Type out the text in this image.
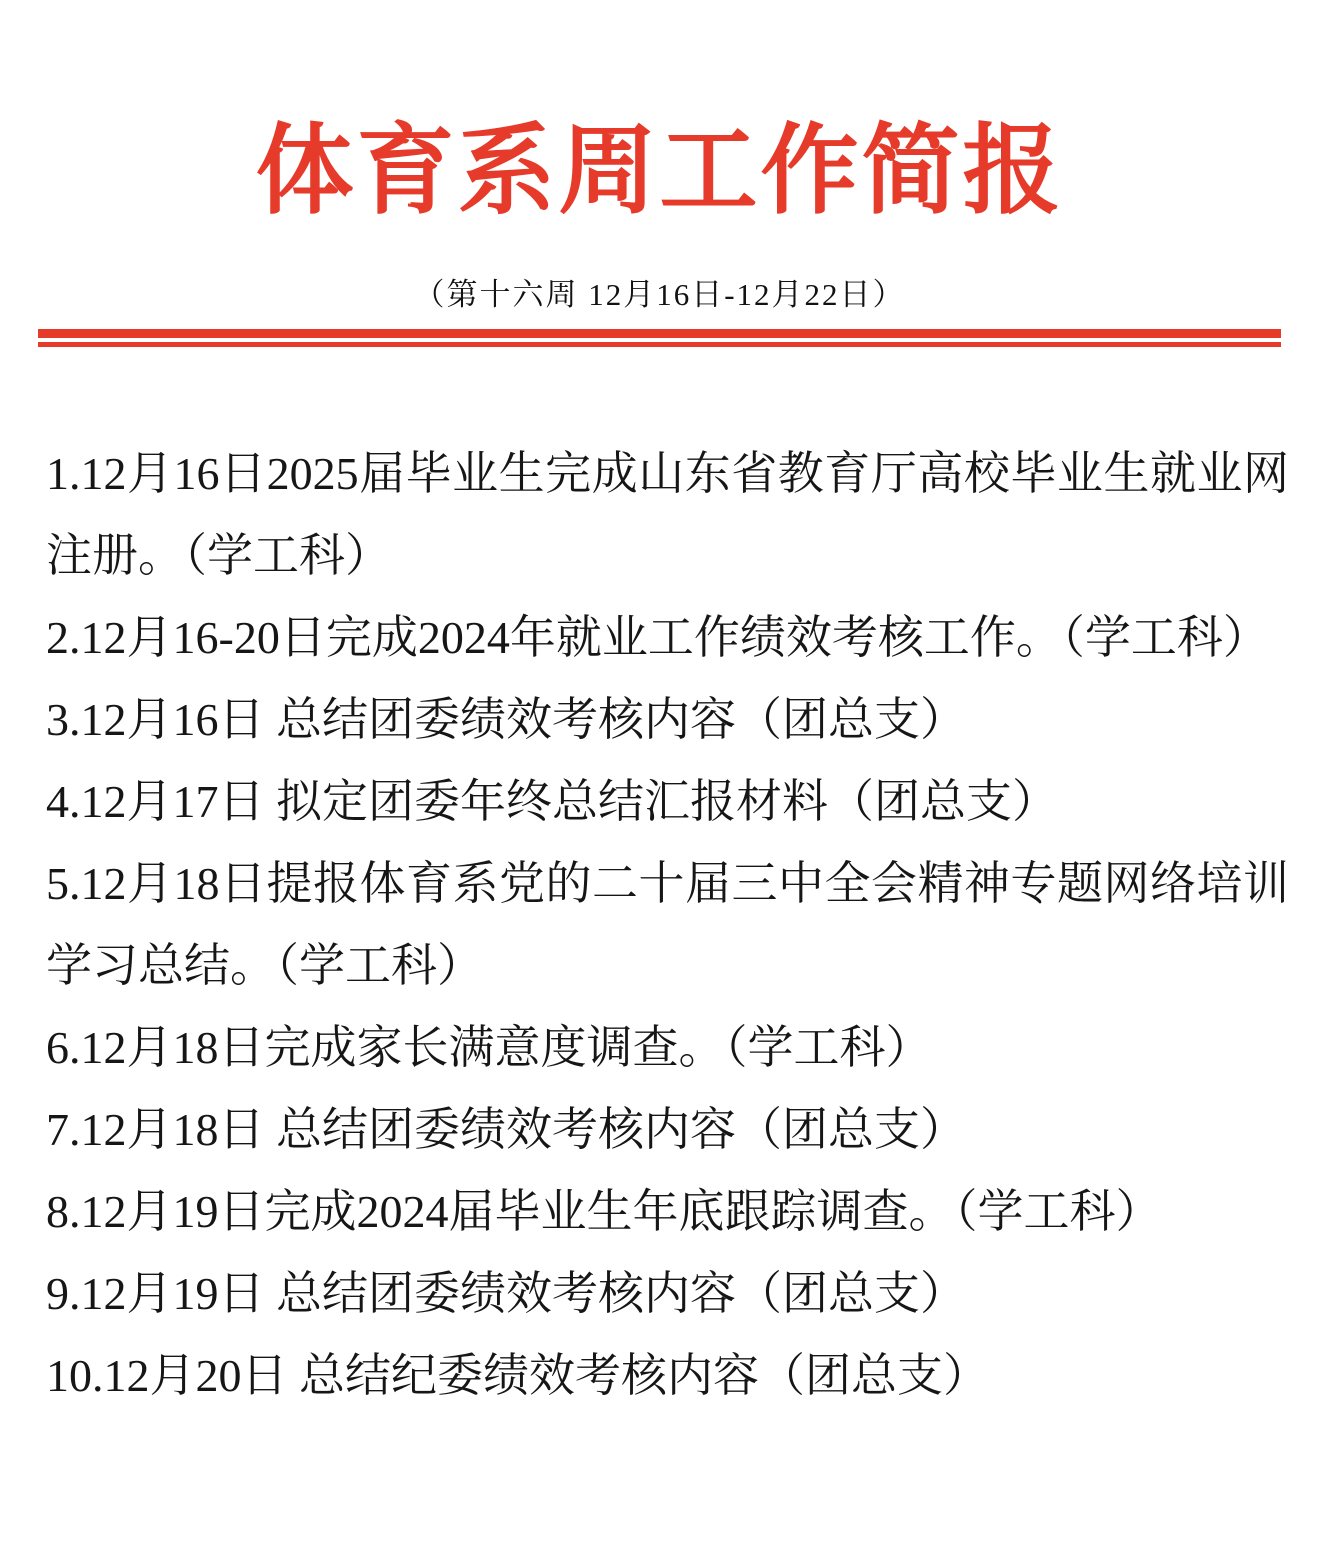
体育系周工作简报
（第十六周 12月16日-12月22日）

1.12月16日2025届毕业生完成山东省教育厅高校毕业生就业网注册。（学工科）

2.12月16-20日完成2024年就业工作绩效考核工作。（学工科）

3.12月16日 总结团委绩效考核内容（团总支）

4.12月17日 拟定团委年终总结汇报材料（团总支）

5.12月18日提报体育系党的二十届三中全会精神专题网络培训学习总结。（学工科）

6.12月18日完成家长满意度调查。（学工科）

7.12月18日 总结团委绩效考核内容（团总支）

8.12月19日完成2024届毕业生年底跟踪调查。（学工科）

9.12月19日 总结团委绩效考核内容（团总支）

10.12月20日 总结纪委绩效考核内容（团总支）
